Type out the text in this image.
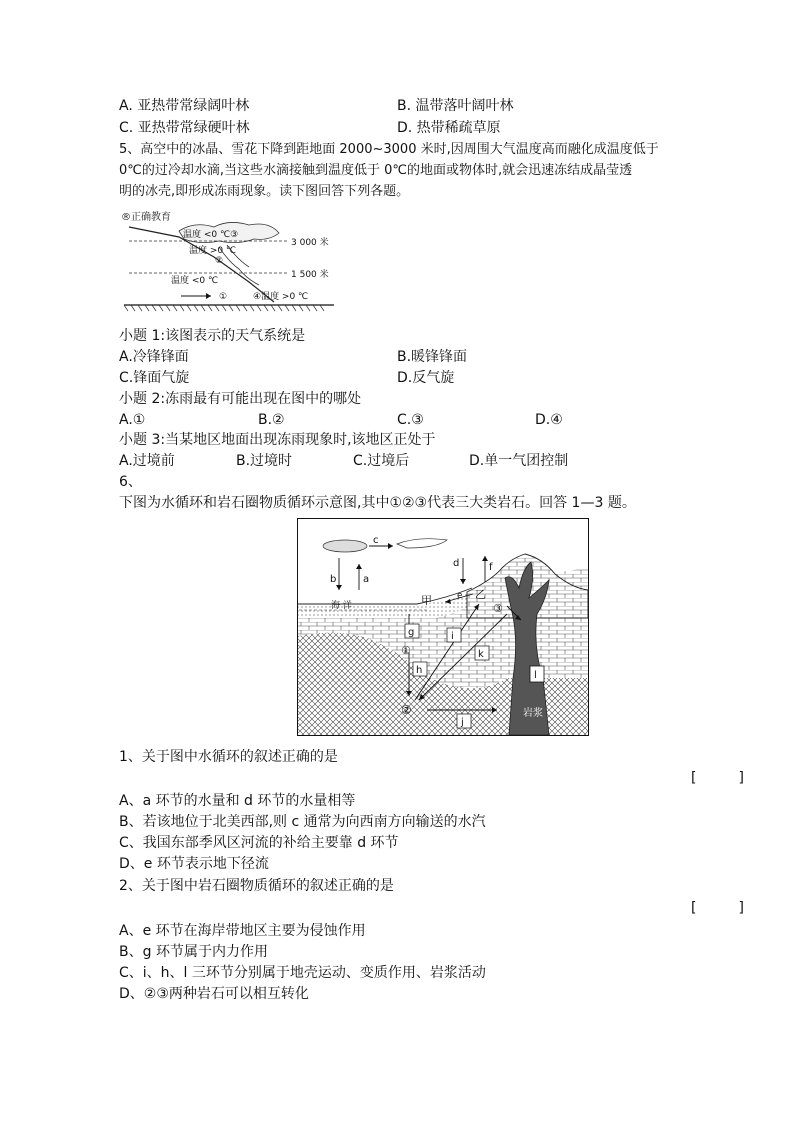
A. 亚热带常绿阔叶林	B. 温带落叶阔叶林
C. 亚热带常绿硬叶林	D. 热带稀疏草原
5、高空中的冰晶、雪花下降到距地面 2000~3000 米时,因周围大气温度高而融化成温度低于
0℃的过冷却水滴,当这些水滴接触到温度低于 0℃的地面或物体时,就会迅速冻结成晶莹透
明的冰壳,即形成冻雨现象。读下图回答下列各题。
®正确教育
温度 <0 ℃③
温度 >0 ℃
②
温度 <0 ℃
①	④温度 >0 ℃
3 000 米
1 500 米
小题 1:该图表示的天气系统是
A.冷锋锋面	B.暖锋锋面
C.锋面气旋	D.反气旋
小题 2:冻雨最有可能出现在图中的哪处
A.①	B.②	C.③	D.④
小题 3:当某地区地面出现冻雨现象时,该地区正处于
A.过境前	B.过境时	C.过境后	D.单一气团控制
6、
下图为水循环和岩石圈物质循环示意图,其中①②③代表三大类岩石。回答 1—3 题。
c
b	a
d	f
e 乙
甲
海 洋
g	i
①
h
k
②
③
j
l
岩浆
1、关于图中水循环的叙述正确的是
[　　　]
A、a 环节的水量和 d 环节的水量相等
B、若该地位于北美西部,则 c 通常为向西南方向输送的水汽
C、我国东部季风区河流的补给主要靠 d 环节
D、e 环节表示地下径流
2、关于图中岩石圈物质循环的叙述正确的是
[　　　]
A、e 环节在海岸带地区主要为侵蚀作用
B、g 环节属于内力作用
C、i、h、l 三环节分别属于地壳运动、变质作用、岩浆活动
D、②③两种岩石可以相互转化
